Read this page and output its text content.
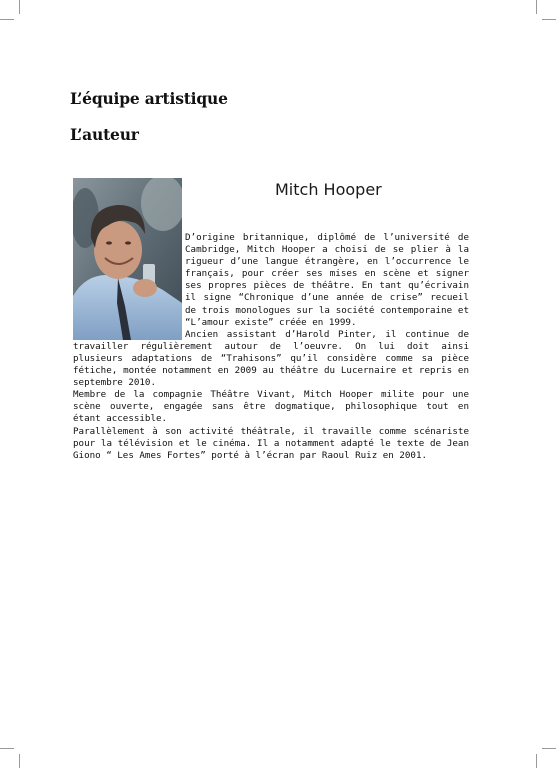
L’équipe artistique
L’auteur
Mitch Hooper

D’origine britannique, diplômé de l’université de Cambridge, Mitch Hooper a choisi de se plier à la rigueur d’une langue étrangère, en l’occurrence le français, pour créer ses mises en scène et signer ses propres pièces de théâtre. En tant qu’écrivain il signe “Chronique d’une année de crise” recueil de trois monologues sur la société contemporaine et “L’amour existe” créée en 1999.

Ancien assistant d’Harold Pinter, il continue de travailler régulièrement autour de l’oeuvre. On lui doit ainsi plusieurs adaptations de “Trahisons” qu’il considère comme sa pièce fétiche, montée notamment en 2009 au théâtre du Lucernaire et repris en septembre 2010.

Membre de la compagnie Théâtre Vivant, Mitch Hooper milite pour une scène ouverte, engagée sans être dogmatique, philosophique tout en étant accessible.

Parallèlement à son activité théâtrale, il travaille comme scénariste pour la télévision et le cinéma. Il a notamment adapté le texte de Jean Giono “ Les Ames Fortes” porté à l’écran par Raoul Ruiz en 2001.
